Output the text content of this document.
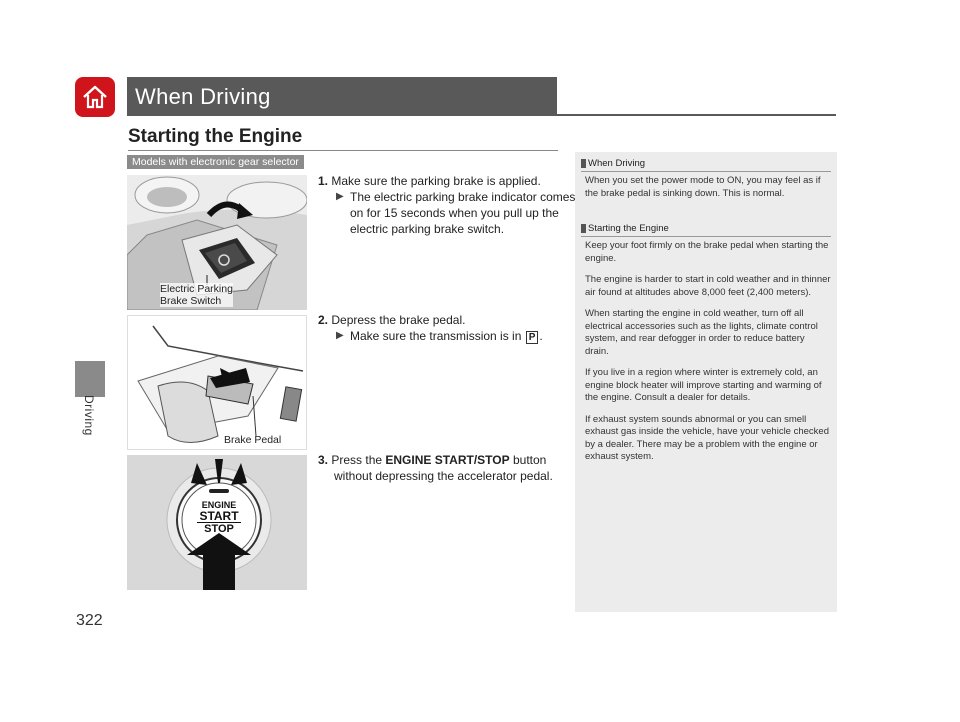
When Driving
Starting the Engine
Driving
322
Models with electronic gear selector
Electric Parking
Brake Switch
Brake Pedal
ENGINE
START
STOP
1. Make sure the parking brake is applied.
▶ The electric parking brake indicator comes on for 15 seconds when you pull up the electric parking brake switch.
2. Depress the brake pedal.
▶ Make sure the transmission is in P .
3. Press the ENGINE START/STOP button without depressing the accelerator pedal.
When Driving

When you set the power mode to ON, you may feel as if the brake pedal is sinking down. This is normal.

Starting the Engine

Keep your foot firmly on the brake pedal when starting the engine.

The engine is harder to start in cold weather and in thinner air found at altitudes above 8,000 feet (2,400 meters).

When starting the engine in cold weather, turn off all electrical accessories such as the lights, climate control system, and rear defogger in order to reduce battery drain.

If you live in a region where winter is extremely cold, an engine block heater will improve starting and warming of the engine. Consult a dealer for details.

If exhaust system sounds abnormal or you can smell exhaust gas inside the vehicle, have your vehicle checked by a dealer. There may be a problem with the engine or exhaust system.
